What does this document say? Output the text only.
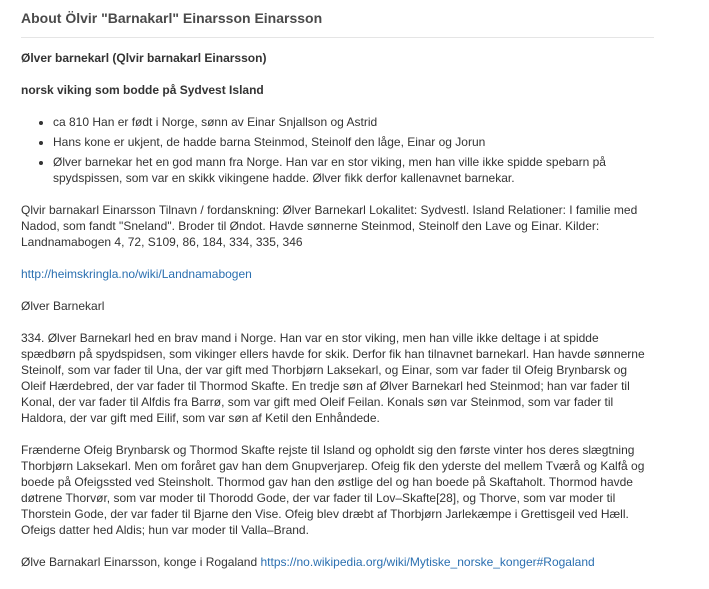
About Ölvir "Barnakarl" Einarsson Einarsson

Ølver barnekarl (Qlvir barnakarl Einarsson)

norsk viking som bodde på Sydvest Island

• ca 810 Han er født i Norge, sønn av Einar Snjallson og Astrid
• Hans kone er ukjent, de hadde barna Steinmod, Steinolf den låge, Einar og Jorun
• Ølver barnekar het en god mann fra Norge. Han var en stor viking, men han ville ikke spidde spebarn på spydspissen, som var en skikk vikingene hadde. Ølver fikk derfor kallenavnet barnekar.

Qlvir barnakarl Einarsson Tilnavn / fordanskning: Ølver Barnekarl Lokalitet: Sydvestl. Island Relationer: I familie med Nadod, som fandt "Sneland". Broder til Øndot. Havde sønnerne Steinmod, Steinolf den Lave og Einar. Kilder: Landnamabogen 4, 72, S109, 86, 184, 334, 335, 346

http://heimskringla.no/wiki/Landnamabogen

Ølver Barnekarl

334. Ølver Barnekarl hed en brav mand i Norge. Han var en stor viking, men han ville ikke deltage i at spidde spædbørn på spydspidsen, som vikinger ellers havde for skik. Derfor fik han tilnavnet barnekarl. Han havde sønnerne Steinolf, som var fader til Una, der var gift med Thorbjørn Laksekarl, og Einar, som var fader til Ofeig Brynbarsk og Oleif Hærdebred, der var fader til Thormod Skafte. En tredje søn af Ølver Barnekarl hed Steinmod; han var fader til Konal, der var fader til Alfdis fra Barrø, som var gift med Oleif Feilan. Konals søn var Steinmod, som var fader til Haldora, der var gift med Eilif, som var søn af Ketil den Enhåndede.

Frænderne Ofeig Brynbarsk og Thormod Skafte rejste til Island og opholdt sig den første vinter hos deres slægtning Thorbjørn Laksekarl. Men om foråret gav han dem Gnupverjarep. Ofeig fik den yderste del mellem Tværå og Kalfå og boede på Ofeigssted ved Steinsholt. Thormod gav han den østlige del og han boede på Skaftaholt. Thormod havde døtrene Thorvør, som var moder til Thorodd Gode, der var fader til Lov–Skafte[28], og Thorve, som var moder til Thorstein Gode, der var fader til Bjarne den Vise. Ofeig blev dræbt af Thorbjørn Jarlekæmpe i Grettisgeil ved Hæll. Ofeigs datter hed Aldis; hun var moder til Valla–Brand.

Ølve Barnakarl Einarsson, konge i Rogaland https://no.wikipedia.org/wiki/Mytiske_norske_konger#Rogaland
